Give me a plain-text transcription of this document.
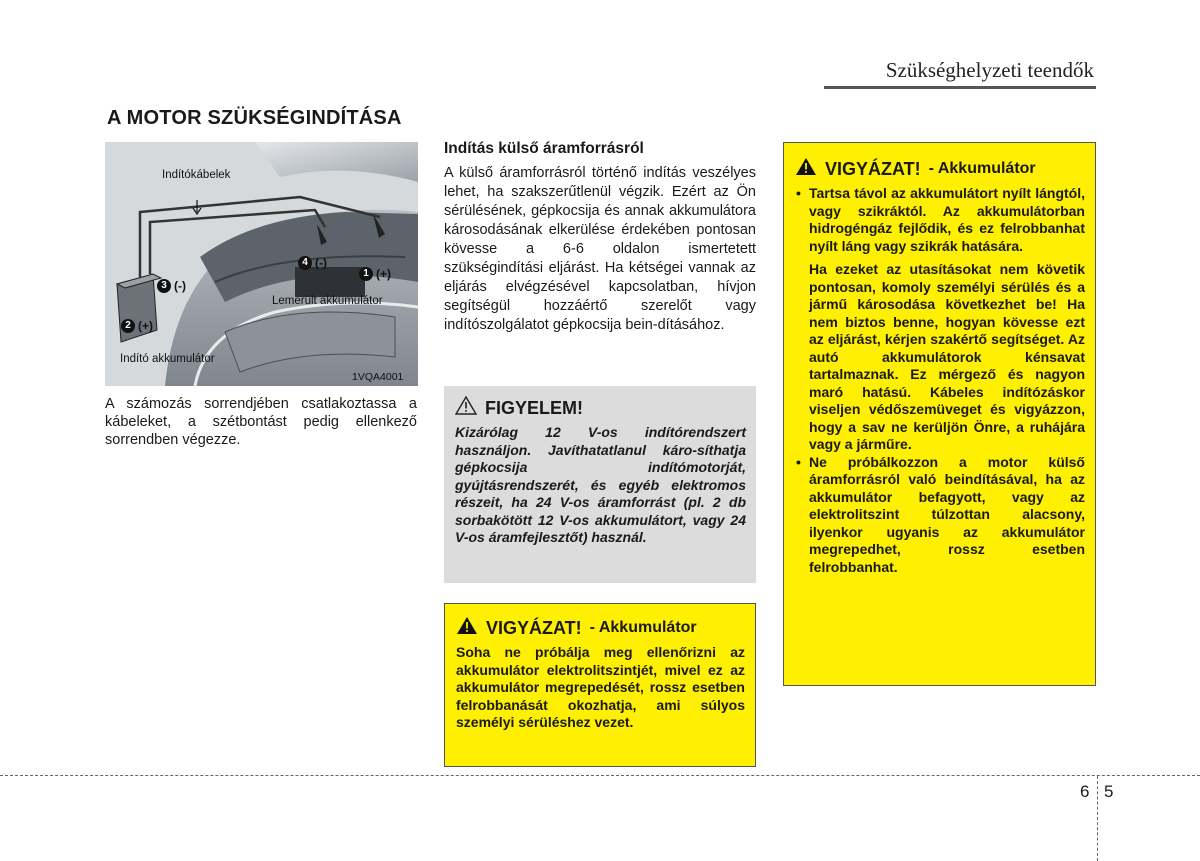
Szükséghelyzeti teendők
A MOTOR SZÜKSÉGINDÍTÁSA
Indítókábelek
Lemerült akkumulátor
Indító akkumulátor
1VQA4001
1 (+)
2 (+)
3 (-)
4 (-)
A számozás sorrendjében csatlakoztassa a kábeleket, a szétbontást pedig ellenkező sorrendben végezze.
Indítás külső áramforrásról
A külső áramforrásról történő indítás veszélyes lehet, ha szakszerűtlenül végzik. Ezért az Ön sérülésének, gépkocsija és annak akkumulátora károsodásának elkerülése érdekében pontosan kövesse a 6-6 oldalon ismertetett szükségindítási eljárást. Ha kétségei vannak az eljárás elvégzésével kapcsolatban, hívjon segítségül hozzáértő szerelőt vagy indítószolgálatot gépkocsija bein-dításához.
FIGYELEM!
Kizárólag 12 V-os indítórendszert használjon. Javíthatatlanul káro-síthatja gépkocsija indítómotorját, gyújtásrendszerét, és egyéb elektromos részeit, ha 24 V-os áramforrást (pl. 2 db sorbakötött 12 V-os akkumulátort, vagy 24 V-os áramfejlesztőt) használ.
VIGYÁZAT! - Akkumulátor
Soha ne próbálja meg ellenőrizni az akkumulátor elektrolitszintjét, mivel ez az akkumulátor megrepedését, rossz esetben felrobbanását okozhatja, ami súlyos személyi sérüléshez vezet.
VIGYÁZAT! - Akkumulátor
• Tartsa távol az akkumulátort nyílt lángtól, vagy szikráktól. Az akkumulátorban hidrogéngáz fejlődik, és ez felrobbanhat nyílt láng vagy szikrák hatására.

Ha ezeket az utasításokat nem követik pontosan, komoly személyi sérülés és a jármű károsodása következhet be! Ha nem biztos benne, hogyan kövesse ezt az eljárást, kérjen szakértő segítséget. Az autó akkumulátorok kénsavat tartalmaznak. Ez mérgező és nagyon maró hatású. Kábeles indítózáskor viseljen védőszemüveget és vigyázzon, hogy a sav ne kerüljön Önre, a ruhájára vagy a járműre.

• Ne próbálkozzon a motor külső áramforrásról való beindításával, ha az akkumulátor befagyott, vagy az elektrolitszint túlzottan alacsony, ilyenkor ugyanis az akkumulátor megrepedhet, rossz esetben felrobbanhat.
6 5
